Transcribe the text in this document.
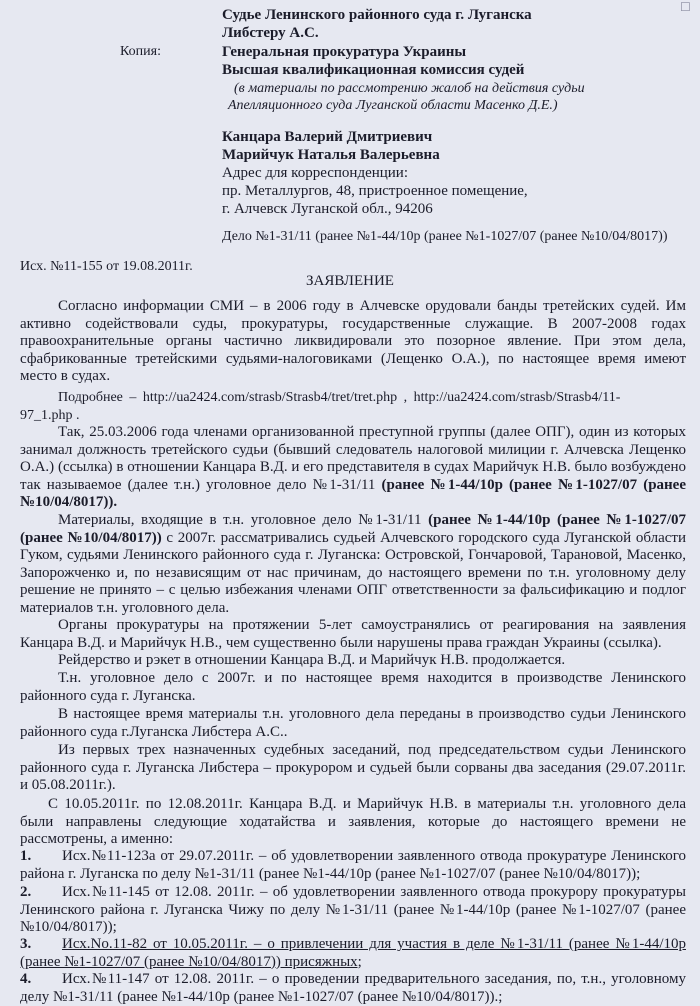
☐
Судье Ленинского районного суда г. Луганска
Либстеру А.С.
Копия:	Генеральная прокуратура Украины
Высшая квалификационная комиссия судей
(в материалы по рассмотрению жалоб на действия судьи
Апелляционного суда Луганской области Масенко Д.Е.)
Канцара Валерий Дмитриевич
Марийчук Наталья Валерьевна
Адрес для корреспонденции:
пр. Металлургов, 48, пристроенное помещение,
г. Алчевск Луганской обл., 94206
Дело №1-31/11 (ранее №1-44/10р (ранее №1-1027/07 (ранее №10/04/8017))
Исх. №11-155 от 19.08.2011г.
ЗАЯВЛЕНИЕ
Согласно информации СМИ – в 2006 году в Алчевске орудовали банды третейских судей. Им активно содействовали суды, прокуратуры, государственные служащие. В 2007-2008 годах правоохранительные органы частично ликвидировали это позорное явление. При этом дела, сфабрикованные третейскими судьями-налоговиками (Лещенко О.А.), по настоящее время имеют место в судах.
Подробнее – http://ua2424.com/strasb/Strasb4/tret/tret.php , http://ua2424.com/strasb/Strasb4/11-
97_1.php .
Так, 25.03.2006 года членами организованной преступной группы (далее ОПГ), один из которых занимал должность третейского судьи (бывший следователь налоговой милиции г. Алчевска Лещенко О.А.) (ссылка) в отношении Канцара В.Д. и его представителя в судах Марийчук Н.В. было возбуждено так называемое (далее т.н.) уголовное дело №1-31/11 (ранее №1-44/10р (ранее №1-1027/07 (ранее №10/04/8017)).
Материалы, входящие в т.н. уголовное дело №1-31/11 (ранее №1-44/10р (ранее №1-1027/07 (ранее №10/04/8017)) с 2007г. рассматривались судьей Алчевского городского суда Луганской области Гуком, судьями Ленинского районного суда г. Луганска: Островской, Гончаровой, Тарановой, Масенко, Запорожченко и, по независящим от нас причинам, до настоящего времени по т.н. уголовному делу решение не принято – с целью избежания членами ОПГ ответственности за фальсификацию и подлог материалов т.н. уголовного дела.
Органы прокуратуры на протяжении 5-лет самоустранялись от реагирования на заявления Канцара В.Д. и Марийчук Н.В., чем существенно были нарушены права граждан Украины (ссылка).
Рейдерство и рэкет в отношении Канцара В.Д. и Марийчук Н.В. продолжается.
Т.н. уголовное дело с 2007г. и по настоящее время находится в производстве Ленинского районного суда г. Луганска.
В настоящее время материалы т.н. уголовного дела переданы в производство судьи Ленинского районного суда г.Луганска Либстера А.С..
Из первых трех назначенных судебных заседаний, под председательством судьи Ленинского районного суда г. Луганска Либстера – прокурором и судьей были сорваны два заседания (29.07.2011г. и 05.08.2011г.).
С 10.05.2011г. по 12.08.2011г. Канцара В.Д. и Марийчук Н.В. в материалы т.н. уголовного дела были направлены следующие ходатайства и заявления, которые до настоящего времени не рассмотрены, а именно:
1. Исх.№11-123а от 29.07.2011г. – об удовлетворении заявленного отвода прокуратуре Ленинского района г. Луганска по делу №1-31/11 (ранее №1-44/10р (ранее №1-1027/07 (ранее №10/04/8017));
2. Исх.№11-145 от 12.08. 2011г. – об удовлетворении заявленного отвода прокурору прокуратуры Ленинского района г. Луганска Чижу по делу №1-31/11 (ранее №1-44/10р (ранее №1-1027/07 (ранее №10/04/8017));
3. Исх.No.11-82 от 10.05.2011г. – о привлечении для участия в деле №1-31/11 (ранее №1-44/10р (ранее №1-1027/07 (ранее №10/04/8017)) присяжных;
4. Исх.№11-147 от 12.08. 2011г. – о проведении предварительного заседания, по, т.н., уголовному делу №1-31/11 (ранее №1-44/10р (ранее №1-1027/07 (ранее №10/04/8017)).;
